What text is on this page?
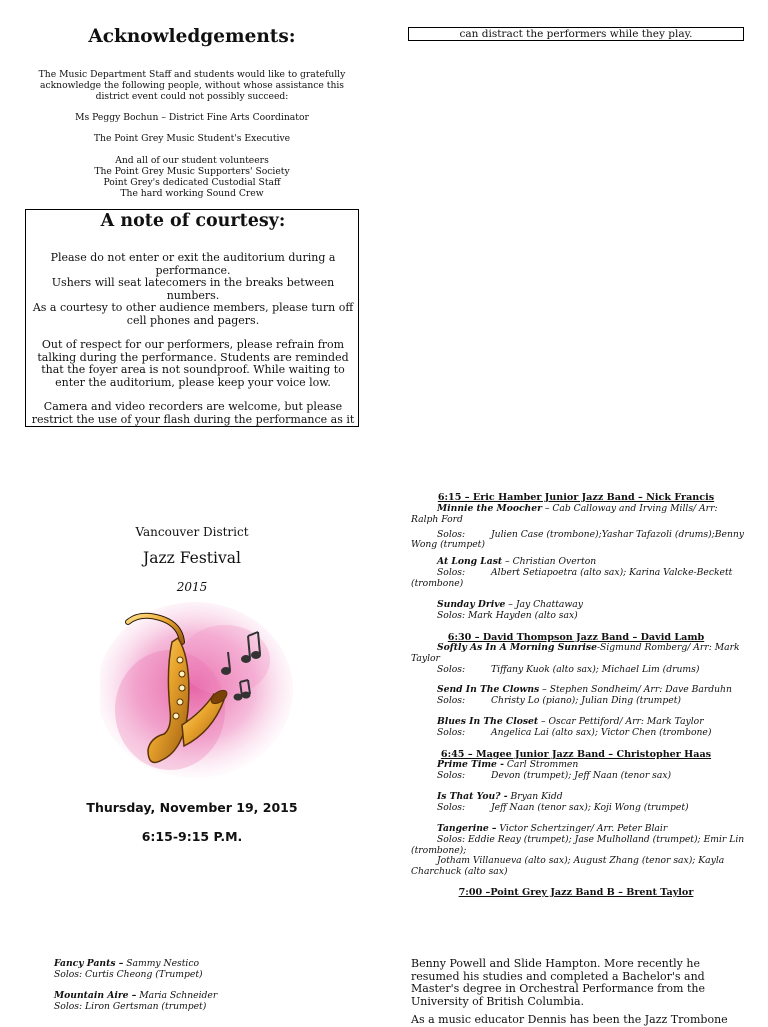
Acknowledgements:
The Music Department Staff and students would like to gratefully acknowledge the following people, without whose assistance this district event could not possibly succeed:
Ms Peggy Bochun – District Fine Arts Coordinator
The Point Grey Music Student's Executive
And all of our student volunteers
The Point Grey Music Supporters' Society
Point Grey's dedicated Custodial Staff
The hard working Sound Crew
A note of courtesy:
Please do not enter or exit the auditorium during a performance.
Ushers will seat latecomers in the breaks between numbers.
As a courtesy to other audience members, please turn off cell phones and pagers.
Out of respect for our performers, please refrain from talking during the performance. Students are reminded that the foyer area is not soundproof. While waiting to enter the auditorium, please keep your voice low.
Camera and video recorders are welcome, but please restrict the use of your flash during the performance as it
can distract the performers while they play.
Vancouver District
Jazz Festival
2015
Thursday, November 19, 2015
6:15-9:15 P.M.
6:15 – Eric Hamber Junior Jazz Band – Nick Francis
Minnie the Moocher – Cab Calloway and Irving Mills/ Arr: Ralph Ford
Solos:	Julien Case (trombone);Yashar Tafazoli (drums);Benny Wong (trumpet)
At Long Last – Christian Overton
Solos:	Albert Setiapoetra (alto sax); Karina Valcke-Beckett (trombone)
Sunday Drive – Jay Chattaway
Solos: Mark Hayden (alto sax)
6:30 – David Thompson Jazz Band – David Lamb
Softly As In A Morning Sunrise-Sigmund Romberg/ Arr: Mark Taylor
Solos:	Tiffany Kuok (alto sax); Michael Lim (drums)
Send In The Clowns – Stephen Sondheim/ Arr: Dave Barduhn
Solos:	Christy Lo (piano); Julian Ding (trumpet)
Blues In The Closet – Oscar Pettiford/ Arr: Mark Taylor
Solos:	Angelica Lai (alto sax); Victor Chen (trombone)
6:45 – Magee Junior Jazz Band – Christopher Haas
Prime Time - Carl Strommen
Solos:	Devon (trumpet); Jeff Naan (tenor sax)
Is That You? - Bryan Kidd
Solos:	Jeff Naan (tenor sax); Koji Wong (trumpet)
Tangerine – Victor Schertzinger/ Arr. Peter Blair
Solos: Eddie Reay (trumpet); Jase Mulholland (trumpet); Emir Lin (trombone);
Jotham Villanueva (alto sax); August Zhang (tenor sax); Kayla Charchuck (alto sax)
7:00 –Point Grey Jazz Band B – Brent Taylor
Fancy Pants – Sammy Nestico
Solos: Curtis Cheong (Trumpet)
Mountain Aire – Maria Schneider
Solos: Liron Gertsman (trumpet)
Benny Powell and Slide Hampton. More recently he resumed his studies and completed a Bachelor's and Master's degree in Orchestral Performance from the University of British Columbia.
As a music educator Dennis has been the Jazz Trombone
